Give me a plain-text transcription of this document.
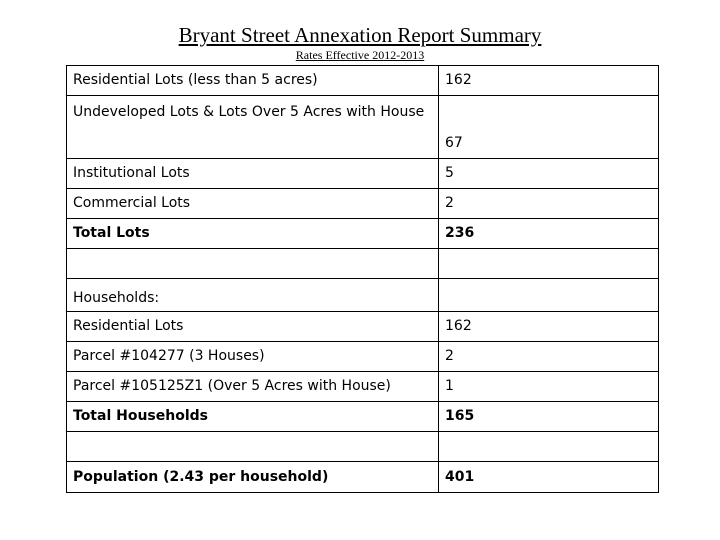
Bryant Street Annexation Report Summary
Rates Effective 2012-2013
Residential Lots (less than 5 acres)	162
Undeveloped Lots & Lots Over 5 Acres with House	67
Institutional Lots	5
Commercial Lots	2
Total Lots	236

Households:	
Residential Lots	162
Parcel #104277 (3 Houses)	2
Parcel #105125Z1 (Over 5 Acres with House)	1
Total Households	165

Population (2.43 per household)	401
